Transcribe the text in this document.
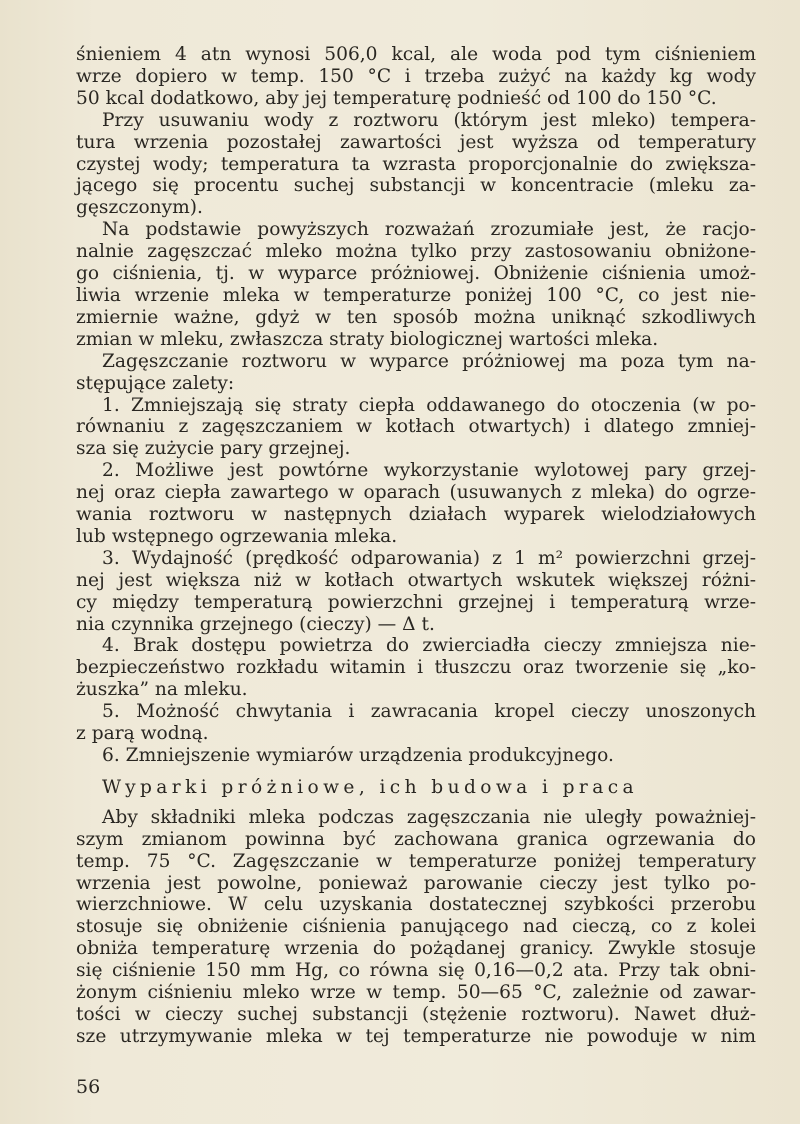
śnieniem 4 atn wynosi 506,0 kcal, ale woda pod tym ciśnieniem
wrze dopiero w temp. 150 °C i trzeba zużyć na każdy kg wody
50 kcal dodatkowo, aby jej temperaturę podnieść od 100 do 150 °C.
Przy usuwaniu wody z roztworu (którym jest mleko) tempera-
tura wrzenia pozostałej zawartości jest wyższa od temperatury
czystej wody; temperatura ta wzrasta proporcjonalnie do zwiększa-
jącego się procentu suchej substancji w koncentracie (mleku za-
gęszczonym).
Na podstawie powyższych rozważań zrozumiałe jest, że racjo-
nalnie zagęszczać mleko można tylko przy zastosowaniu obniżone-
go ciśnienia, tj. w wyparce próżniowej. Obniżenie ciśnienia umoż-
liwia wrzenie mleka w temperaturze poniżej 100 °C, co jest nie-
zmiernie ważne, gdyż w ten sposób można uniknąć szkodliwych
zmian w mleku, zwłaszcza straty biologicznej wartości mleka.
Zagęszczanie roztworu w wyparce próżniowej ma poza tym na-
stępujące zalety:
1. Zmniejszają się straty ciepła oddawanego do otoczenia (w po-
równaniu z zagęszczaniem w kotłach otwartych) i dlatego zmniej-
sza się zużycie pary grzejnej.
2. Możliwe jest powtórne wykorzystanie wylotowej pary grzej-
nej oraz ciepła zawartego w oparach (usuwanych z mleka) do ogrze-
wania roztworu w następnych działach wyparek wielodziałowych
lub wstępnego ogrzewania mleka.
3. Wydajność (prędkość odparowania) z 1 m² powierzchni grzej-
nej jest większa niż w kotłach otwartych wskutek większej różni-
cy między temperaturą powierzchni grzejnej i temperaturą wrze-
nia czynnika grzejnego (cieczy) — Δ t.
4. Brak dostępu powietrza do zwierciadła cieczy zmniejsza nie-
bezpieczeństwo rozkładu witamin i tłuszczu oraz tworzenie się „ko-
żuszka” na mleku.
5. Możność chwytania i zawracania kropel cieczy unoszonych
z parą wodną.
6. Zmniejszenie wymiarów urządzenia produkcyjnego.
Wyparki próżniowe, ich budowa i praca
Aby składniki mleka podczas zagęszczania nie uległy poważniej-
szym zmianom powinna być zachowana granica ogrzewania do
temp. 75 °C. Zagęszczanie w temperaturze poniżej temperatury
wrzenia jest powolne, ponieważ parowanie cieczy jest tylko po-
wierzchniowe. W celu uzyskania dostatecznej szybkości przerobu
stosuje się obniżenie ciśnienia panującego nad cieczą, co z kolei
obniża temperaturę wrzenia do pożądanej granicy. Zwykle stosuje
się ciśnienie 150 mm Hg, co równa się 0,16—0,2 ata. Przy tak obni-
żonym ciśnieniu mleko wrze w temp. 50—65 °C, zależnie od zawar-
tości w cieczy suchej substancji (stężenie roztworu). Nawet dłuż-
sze utrzymywanie mleka w tej temperaturze nie powoduje w nim
56
